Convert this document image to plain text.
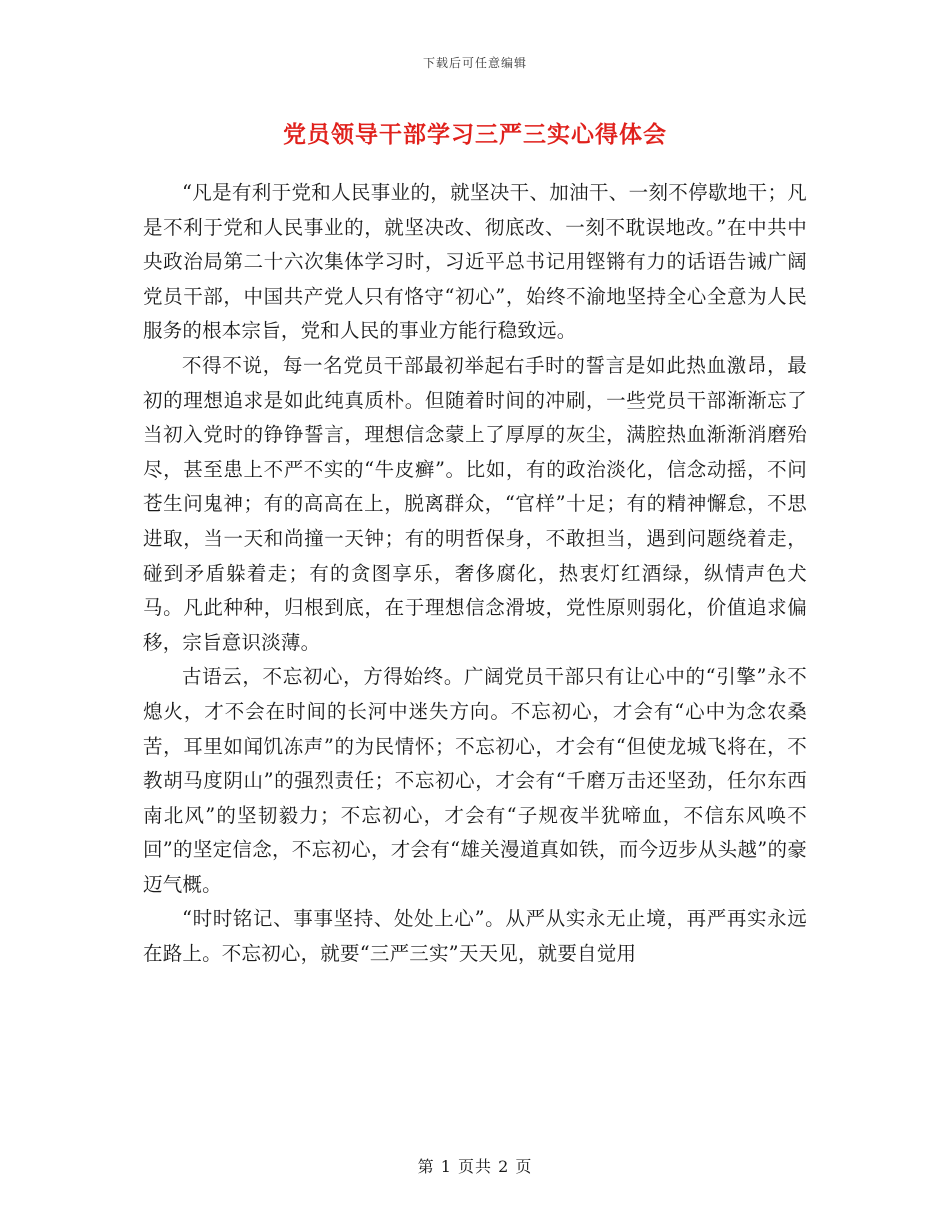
下载后可任意编辑
党员领导干部学习三严三实心得体会

“凡是有利于党和人民事业的，就坚决干、加油干、一刻不停歇地干；凡是不利于党和人民事业的，就坚决改、彻底改、一刻不耽误地改。”在中共中央政治局第二十六次集体学习时，习近平总书记用铿锵有力的话语告诫广阔党员干部，中国共产党人只有恪守“初心”，始终不渝地坚持全心全意为人民服务的根本宗旨，党和人民的事业方能行稳致远。

不得不说，每一名党员干部最初举起右手时的誓言是如此热血激昂，最初的理想追求是如此纯真质朴。但随着时间的冲刷，一些党员干部渐渐忘了当初入党时的铮铮誓言，理想信念蒙上了厚厚的灰尘，满腔热血渐渐消磨殆尽，甚至患上不严不实的“牛皮癣”。比如，有的政治淡化，信念动摇，不问苍生问鬼神；有的高高在上，脱离群众，“官样”十足；有的精神懈怠，不思进取，当一天和尚撞一天钟；有的明哲保身，不敢担当，遇到问题绕着走，碰到矛盾躲着走；有的贪图享乐，奢侈腐化，热衷灯红酒绿，纵情声色犬马。凡此种种，归根到底，在于理想信念滑坡，党性原则弱化，价值追求偏移，宗旨意识淡薄。

古语云，不忘初心，方得始终。广阔党员干部只有让心中的“引擎”永不熄火，才不会在时间的长河中迷失方向。不忘初心，才会有“心中为念农桑苦，耳里如闻饥冻声”的为民情怀；不忘初心，才会有“但使龙城飞将在，不教胡马度阴山”的强烈责任；不忘初心，才会有“千磨万击还坚劲，任尔东西南北风”的坚韧毅力；不忘初心，才会有“子规夜半犹啼血，不信东风唤不回”的坚定信念，不忘初心，才会有“雄关漫道真如铁，而今迈步从头越”的豪迈气概。

“时时铭记、事事坚持、处处上心”。从严从实永无止境，再严再实永远在路上。不忘初心，就要“三严三实”天天见，就要自觉用

第 1 页共 2 页
